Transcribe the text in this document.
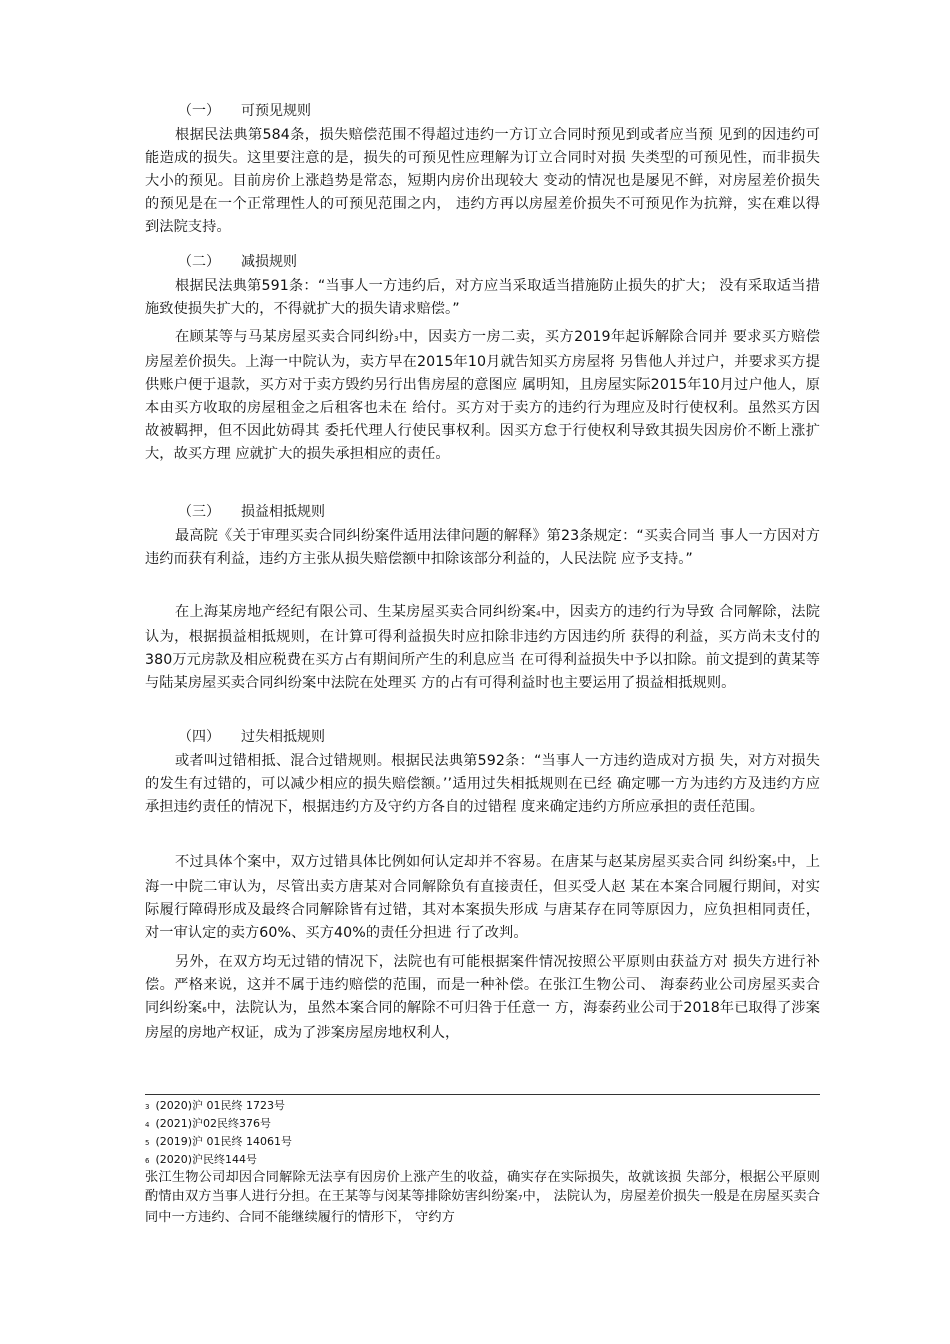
（一）　　可预见规则

根据民法典第584条，损失赔偿范围不得超过违约一方订立合同时预见到或者应当预 见到的因违约可能造成的损失。这里要注意的是，损失的可预见性应理解为订立合同时对损 失类型的可预见性，而非损失大小的预见。目前房价上涨趋势是常态，短期内房价出现较大 变动的情况也是屡见不鲜，对房屋差价损失的预见是在一个正常理性人的可预见范围之内， 违约方再以房屋差价损失不可预见作为抗辩，实在难以得到法院支持。

（二）　　减损规则

根据民法典第591条：“当事人一方违约后，对方应当采取适当措施防止损失的扩大； 没有采取适当措施致使损失扩大的，不得就扩大的损失请求赔偿。”

在顾某等与马某房屋买卖合同纠纷3中，因卖方一房二卖，买方2019年起诉解除合同并 要求买方赔偿房屋差价损失。上海一中院认为，卖方早在2015年10月就告知买方房屋将 另售他人并过户，并要求买方提供账户便于退款，买方对于卖方毁约另行出售房屋的意图应 属明知，且房屋实际2015年10月过户他人，原本由买方收取的房屋租金之后租客也未在 给付。买方对于卖方的违约行为理应及时行使权利。虽然买方因故被羁押，但不因此妨碍其 委托代理人行使民事权利。因买方怠于行使权利导致其损失因房价不断上涨扩大，故买方理 应就扩大的损失承担相应的责任。

（三）　　损益相抵规则

最高院《关于审理买卖合同纠纷案件适用法律问题的解释》第23条规定：“买卖合同当 事人一方因对方违约而获有利益，违约方主张从损失赔偿额中扣除该部分利益的，人民法院 应予支持。”

在上海某房地产经纪有限公司、生某房屋买卖合同纠纷案4中，因卖方的违约行为导致 合同解除，法院认为，根据损益相抵规则，在计算可得利益损失时应扣除非违约方因违约所 获得的利益，买方尚未支付的380万元房款及相应税费在买方占有期间所产生的利息应当 在可得利益损失中予以扣除。前文提到的黄某等与陆某房屋买卖合同纠纷案中法院在处理买 方的占有可得利益时也主要运用了损益相抵规则。

（四）　　过失相抵规则

或者叫过错相抵、混合过错规则。根据民法典第592条：“当事人一方违约造成对方损 失，对方对损失的发生有过错的，可以减少相应的损失赔偿额。’’适用过失相抵规则在已经 确定哪一方为违约方及违约方应承担违约责任的情况下，根据违约方及守约方各自的过错程 度来确定违约方所应承担的责任范围。

不过具体个案中，双方过错具体比例如何认定却并不容易。在唐某与赵某房屋买卖合同 纠纷案5中，上海一中院二审认为，尽管出卖方唐某对合同解除负有直接责任，但买受人赵 某在本案合同履行期间，对实际履行障碍形成及最终合同解除皆有过错，其对本案损失形成 与唐某存在同等原因力，应负担相同责任，对一审认定的卖方60%、买方40%的责任分担进 行了改判。

另外，在双方均无过错的情况下，法院也有可能根据案件情况按照公平原则由获益方对 损失方进行补偿。严格来说，这并不属于违约赔偿的范围，而是一种补偿。在张江生物公司、 海泰药业公司房屋买卖合同纠纷案6中，法院认为，虽然本案合同的解除不可归咎于任意一 方，海泰药业公司于2018年已取得了涉案房屋的房地产权证，成为了涉案房屋房地权利人，

3 (2020)沪 01民终 1723号
4 (2021)沪02民终376号
5 (2019)沪 01民终 14061号
6 (2020)沪民终144号

张江生物公司却因合同解除无法享有因房价上涨产生的收益，确实存在实际损失，故就该损 失部分，根据公平原则酌情由双方当事人进行分担。在王某等与闵某等排除妨害纠纷案7中， 法院认为，房屋差价损失一般是在房屋买卖合同中一方违约、合同不能继续履行的情形下， 守约方
